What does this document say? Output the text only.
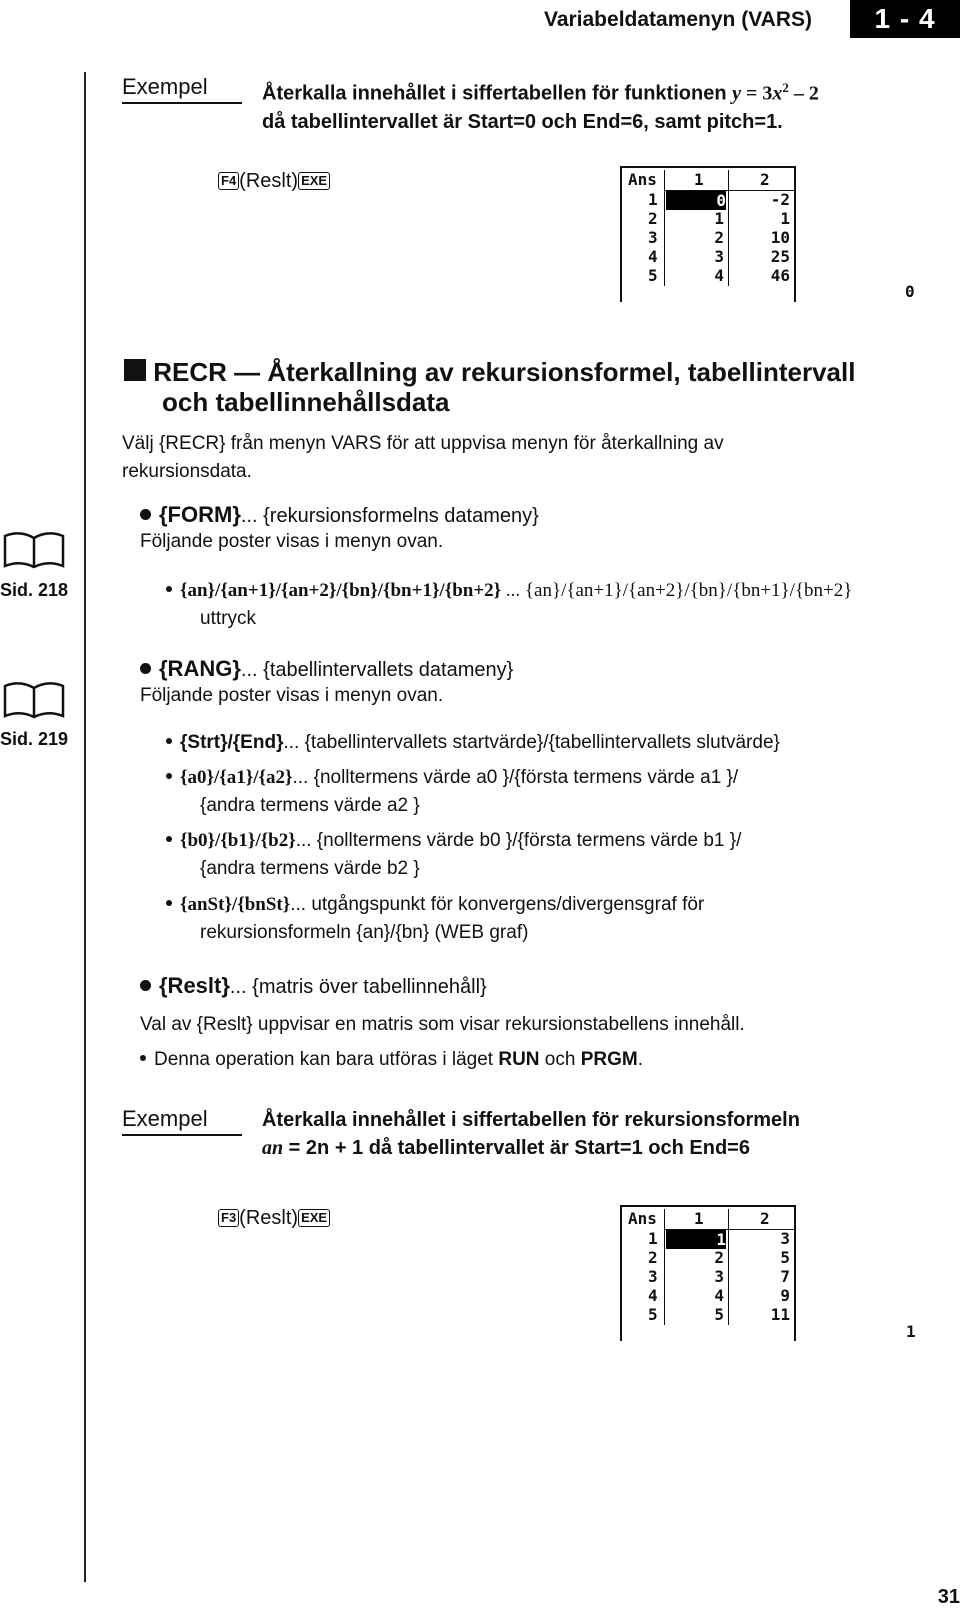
Variabeldatamenyn (VARS)	1 - 4
Exempel	Återkalla innehållet i siffertabellen för funktionen $y = 3x^2 - 2$
då tabellintervallet är Start=0 och End=6, samt pitch=1.
F4 (Reslt) EXE	Ans 1	2
1	0	-2
2	1	1
3	2	10
4	3	25
5	4	46
0
RECR — Återkallning av rekursionsformel, tabellintervall
och tabellinnehållsdata
Välj {RECR} från menyn VARS för att uppvisa menyn för återkallning av
rekursionsdata.
Sid. 218
Sid. 219
{FORM}... {rekursionsformelns datameny}
Följande poster visas i menyn ovan.
{an}/{an+1}/{an+2}/{bn}/{bn+1}/{bn+2} ... {an}/{an+1}/{an+2}/{bn}/{bn+1}/{bn+2}
uttryck
{RANG}... {tabellintervallets datameny}
Följande poster visas i menyn ovan.
{Strt}/{End}... {tabellintervallets startvärde}/{tabellintervallets slutvärde}
{a0}/{a1}/{a2}... {nolltermens värde a0 }/{första termens värde a1 }/
{andra termens värde a2 }
{b0}/{b1}/{b2}... {nolltermens värde b0 }/{första termens värde b1 }/
{andra termens värde b2 }
{anSt}/{bnSt}... utgångspunkt för konvergens/divergensgraf för
rekursionsformeln {an}/{bn} (WEB graf)
{Reslt}... {matris över tabellinnehåll}
Val av {Reslt} uppvisar en matris som visar rekursionstabellens innehåll.
Denna operation kan bara utföras i läget RUN och PRGM.
Exempel	Återkalla innehållet i siffertabellen för rekursionsformeln
an = 2n + 1 då tabellintervallet är Start=1 och End=6
F3 (Reslt) EXE	Ans 1	2
1	1	3
2	2	5
3	3	7
4	4	9
5	5	11
1
31
